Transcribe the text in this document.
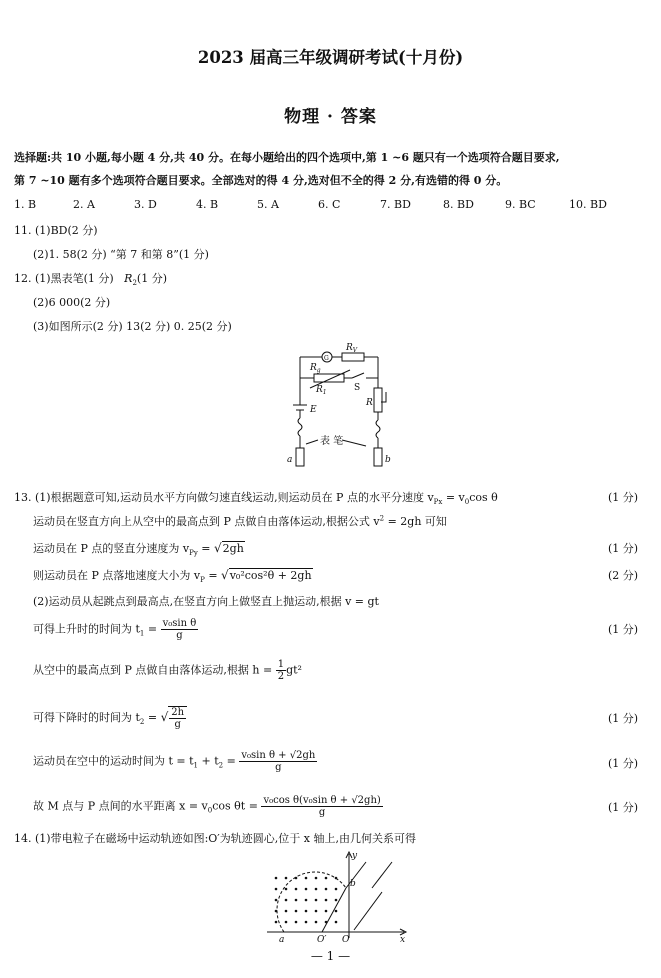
2023 届高三年级调研考试(十月份)
物理 · 答案
选择题:共 10 小题,每小题 4 分,共 40 分。在每小题给出的四个选项中,第 1 ~6 题只有一个选项符合题目要求,
第 7 ~10 题有多个选项符合题目要求。全部选对的得 4 分,选对但不全的得 2 分,有选错的得 0 分。
1. B	2. A	3. D	4. B	5. A	6. C	7. BD	8. BD	9. BC	10. BD
11. (1)BD(2 分)
(2)1. 58(2 分) “第 7 和第 8”(1 分)
12. (1)黑表笔(1 分) $R_2(1$ 分)
(2)6 000(2 分)
(3)如图所示(2 分) 13(2 分) 0. 25(2 分)
G
$R_g$
$R_V$
$R_1$	S
R
E
a	b
表 笔
13. (1)根据题意可知,运动员水平方向做匀速直线运动,则运动员在 P 点的水平分速度 $v_{Px} = v_0\cos$ θ
运动员在竖直方向上从空中的最高点到 P 点做自由落体运动,根据公式 $v^2 = 2gh$ 可知
运动员在 P 点的竖直分速度为 $v_{Py} = √2gh$
则运动员在 P 点落地速度大小为 $v_P = √v_0^2\cos^2\theta + 2gh$
(2)运动员从起跳点到最高点,在竖直方向上做竖直上抛运动,根据 v = gt
可得上升时的时间为 $t_1 = \frac{\text{v₀sin θ}}{g}$
从空中的最高点到 P 点做自由落体运动,根据 $h = \frac{1}{2} gt^2$
可得下降时的时间为 $t_2$ = √ $\frac{2h}{g}$
运动员在空中的运动时间为 $t = t_1 + t_2 = \frac{\text{v₀sin θ + √2gh}}{g}$
故 M 点与 P 点间的水平距离 $x = v_0\cos$ $\theta t = \frac{\text{v₀cos θ(v₀sin θ + √2gh)}}{g}$
(1 分)
(1 分)
(2 分)
(1 分)
(1 分)
(1 分)
(1 分)
14. (1)带电粒子在磁场中运动轨迹如图:O′为轨迹圆心,位于 x 轴上,由几何关系可得
y
x
a
b
O′ O
— 1 —
